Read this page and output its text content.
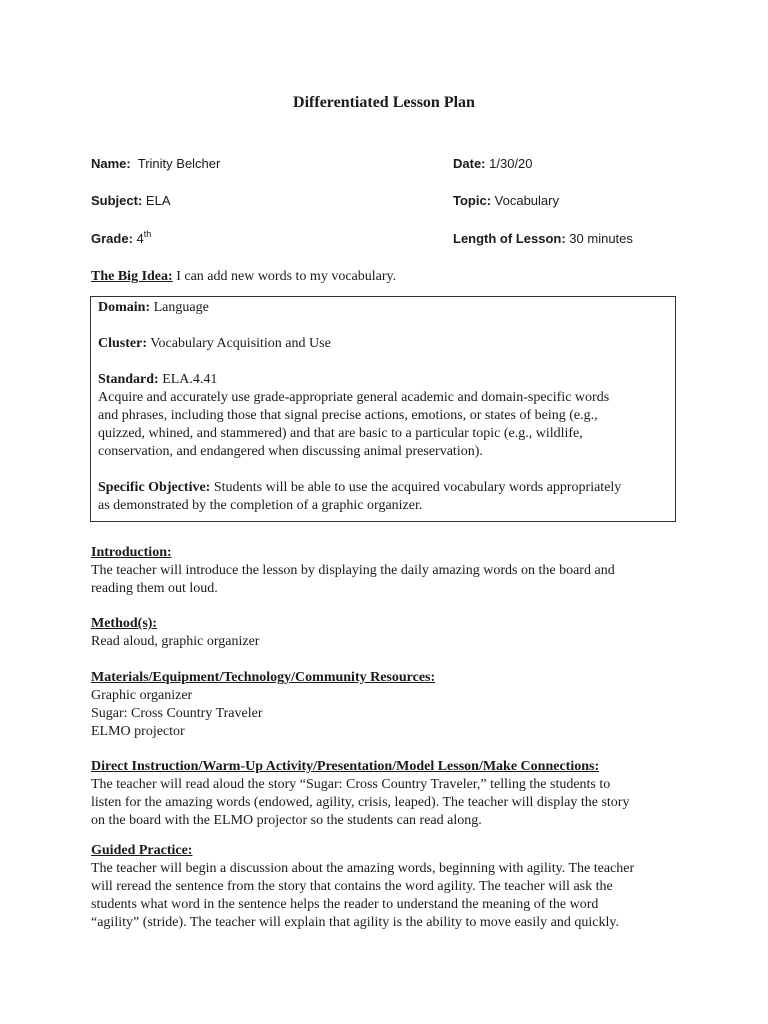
Differentiated Lesson Plan
Name: Trinity Belcher	Date: 1/30/20
Subject: ELA	Topic: Vocabulary
Grade: 4th	Length of Lesson: 30 minutes
The Big Idea: I can add new words to my vocabulary.
Domain: Language
Cluster: Vocabulary Acquisition and Use
Standard: ELA.4.41
Acquire and accurately use grade-appropriate general academic and domain-specific words
and phrases, including those that signal precise actions, emotions, or states of being (e.g.,
quizzed, whined, and stammered) and that are basic to a particular topic (e.g., wildlife,
conservation, and endangered when discussing animal preservation).
Specific Objective: Students will be able to use the acquired vocabulary words appropriately
as demonstrated by the completion of a graphic organizer.
Introduction:
The teacher will introduce the lesson by displaying the daily amazing words on the board and
reading them out loud.
Method(s):
Read aloud, graphic organizer
Materials/Equipment/Technology/Community Resources:
Graphic organizer
Sugar: Cross Country Traveler
ELMO projector
Direct Instruction/Warm-Up Activity/Presentation/Model Lesson/Make Connections:
The teacher will read aloud the story “Sugar: Cross Country Traveler,” telling the students to
listen for the amazing words (endowed, agility, crisis, leaped). The teacher will display the story
on the board with the ELMO projector so the students can read along.
Guided Practice:
The teacher will begin a discussion about the amazing words, beginning with agility. The teacher
will reread the sentence from the story that contains the word agility. The teacher will ask the
students what word in the sentence helps the reader to understand the meaning of the word
“agility” (stride). The teacher will explain that agility is the ability to move easily and quickly.
